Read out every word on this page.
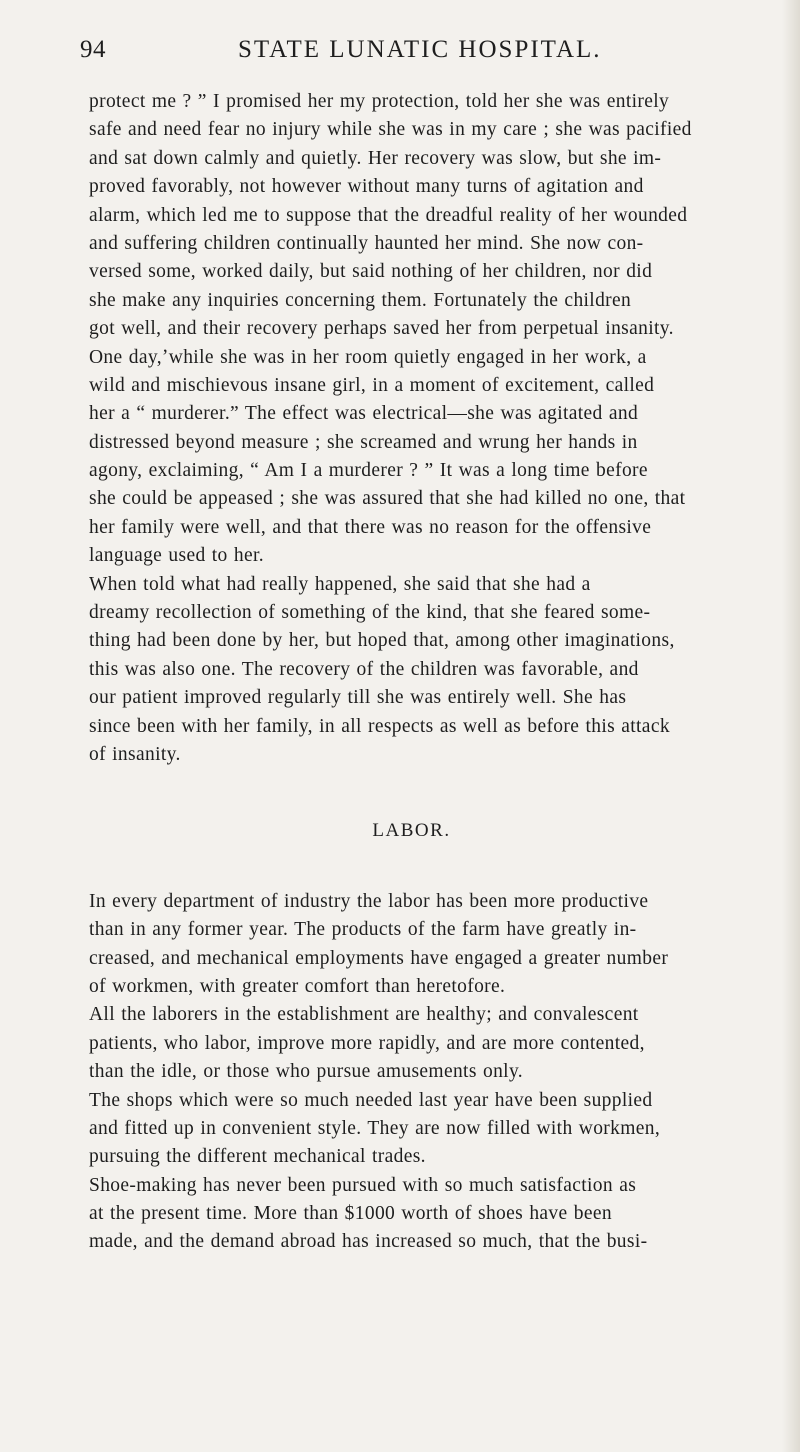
94	STATE LUNATIC HOSPITAL.
protect me ? ” I promised her my protection, told her she was entirely
safe and need fear no injury while she was in my care ; she was pacified
and sat down calmly and quietly. Her recovery was slow, but she im-
proved favorably, not however without many turns of agitation and
alarm, which led me to suppose that the dreadful reality of her wounded
and suffering children continually haunted her mind. She now con-
versed some, worked daily, but said nothing of her children, nor did
she make any inquiries concerning them. Fortunately the children
got well, and their recovery perhaps saved her from perpetual insanity.
One day,ʼwhile she was in her room quietly engaged in her work, a
wild and mischievous insane girl, in a moment of excitement, called
her a “ murderer.” The effect was electrical—she was agitated and
distressed beyond measure ; she screamed and wrung her hands in
agony, exclaiming, “ Am I a murderer ? ” It was a long time before
she could be appeased ; she was assured that she had killed no one, that
her family were well, and that there was no reason for the offensive
language used to her.
When told what had really happened, she said that she had a
dreamy recollection of something of the kind, that she feared some-
thing had been done by her, but hoped that, among other imaginations,
this was also one. The recovery of the children was favorable, and
our patient improved regularly till she was entirely well. She has
since been with her family, in all respects as well as before this attack
of insanity.
LABOR.
In every department of industry the labor has been more productive
than in any former year. The products of the farm have greatly in-
creased, and mechanical employments have engaged a greater number
of workmen, with greater comfort than heretofore.
All the laborers in the establishment are healthy; and convalescent
patients, who labor, improve more rapidly, and are more contented,
than the idle, or those who pursue amusements only.
The shops which were so much needed last year have been supplied
and fitted up in convenient style. They are now filled with workmen,
pursuing the different mechanical trades.
Shoe-making has never been pursued with so much satisfaction as
at the present time. More than $1000 worth of shoes have been
made, and the demand abroad has increased so much, that the busi-
